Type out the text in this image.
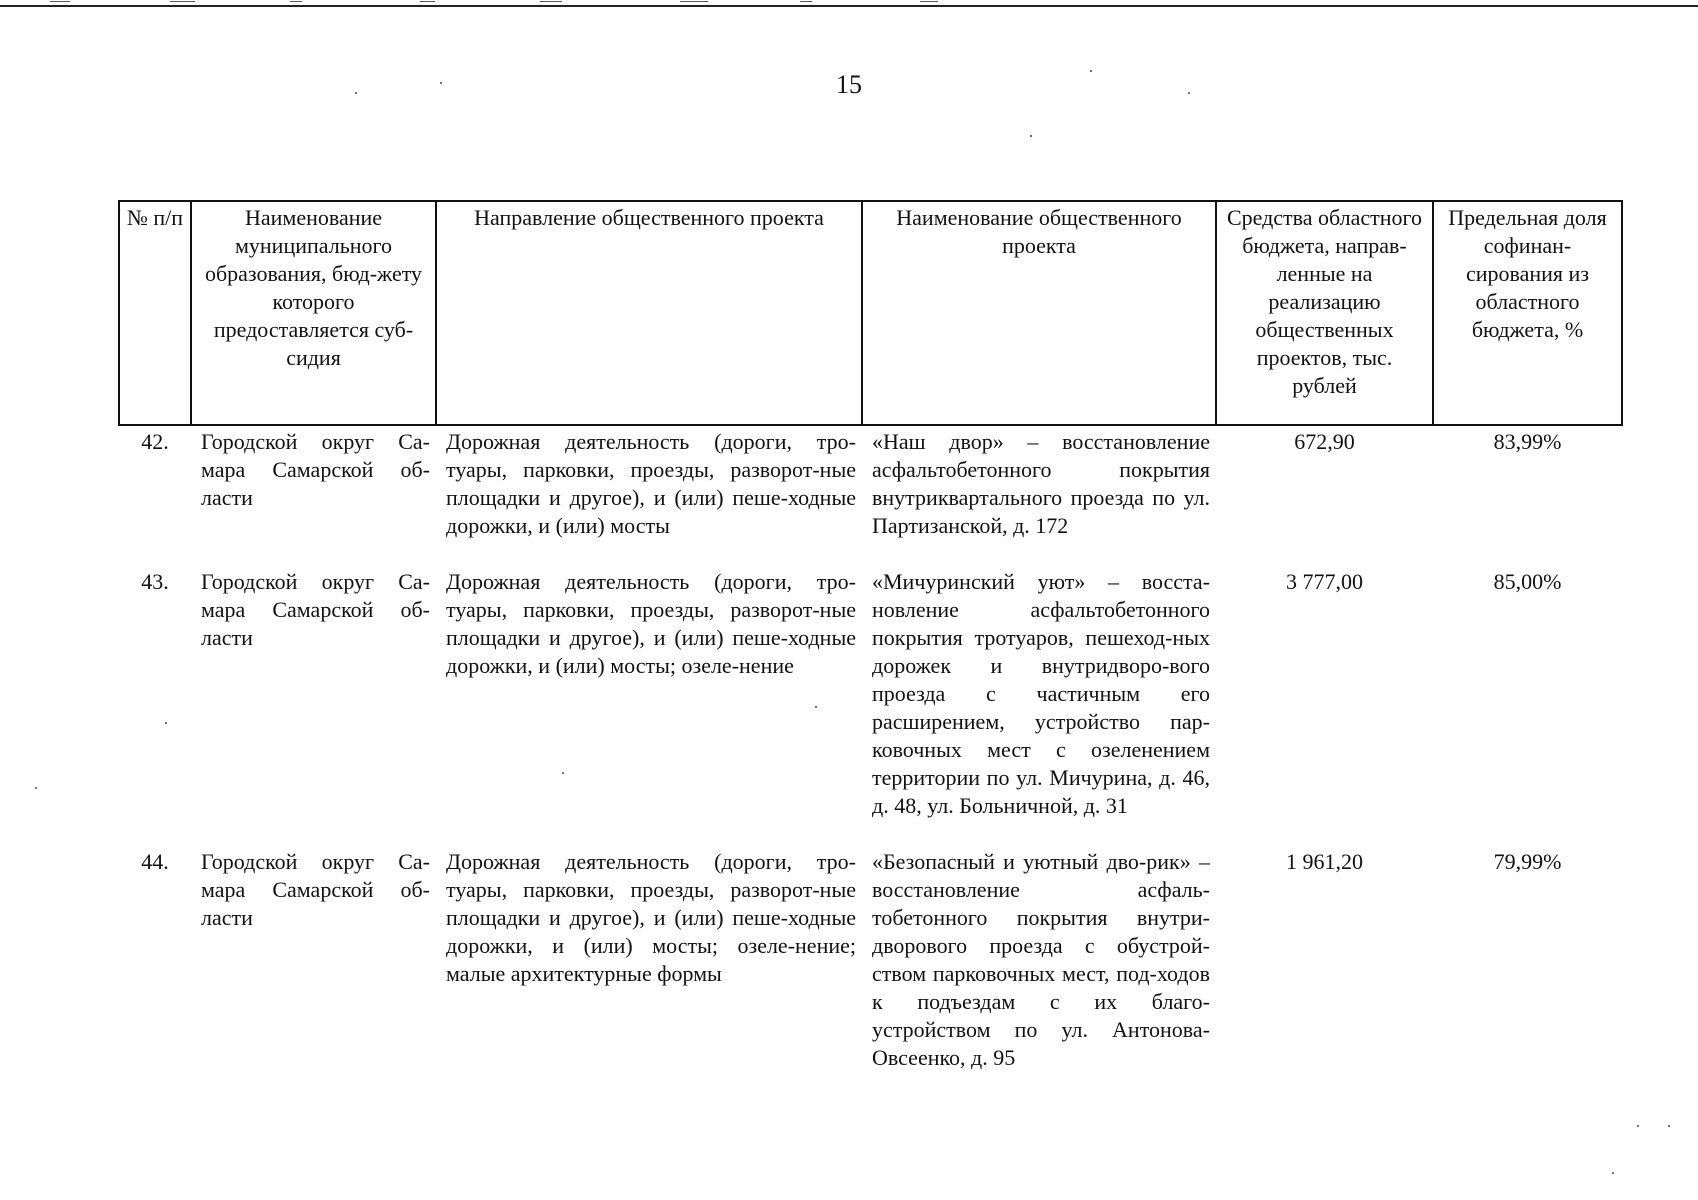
15
№ п/п	Наименование муниципального образования, бюд-жету которого предоставляется суб-сидия	Направление общественного проекта	Наименование общественного проекта	Средства областного бюджета, направ-ленные на реализацию общественных проектов, тыс. рублей	Предельная доля софинан-сирования из областного бюджета, %
42.	Городской округ Са-мара Самарской об-ласти	Дорожная деятельность (дороги, тро-туары, парковки, проезды, разворот-ные площадки и другое), и (или) пеше-ходные дорожки, и (или) мосты	«Наш двор» – восстановление асфальтобетонного покрытия внутриквартального проезда по ул. Партизанской, д. 172	672,90	83,99%
43.	Городской округ Са-мара Самарской об-ласти	Дорожная деятельность (дороги, тро-туары, парковки, проезды, разворот-ные площадки и другое), и (или) пеше-ходные дорожки, и (или) мосты; озеле-нение	«Мичуринский уют» – восста-новление асфальтобетонного покрытия тротуаров, пешеход-ных дорожек и внутридворо-вого проезда с частичным его расширением, устройство пар-ковочных мест с озеленением территории по ул. Мичурина, д. 46, д. 48, ул. Больничной, д. 31	3 777,00	85,00%
44.	Городской округ Са-мара Самарской об-ласти	Дорожная деятельность (дороги, тро-туары, парковки, проезды, разворот-ные площадки и другое), и (или) пеше-ходные дорожки, и (или) мосты; озеле-нение; малые архитектурные формы	«Безопасный и уютный дво-рик» – восстановление асфаль-тобетонного покрытия внутри-дворового проезда с обустрой-ством парковочных мест, под-ходов к подъездам с их благо-устройством по ул. Антонова-Овсеенко, д. 95	1 961,20	79,99%
